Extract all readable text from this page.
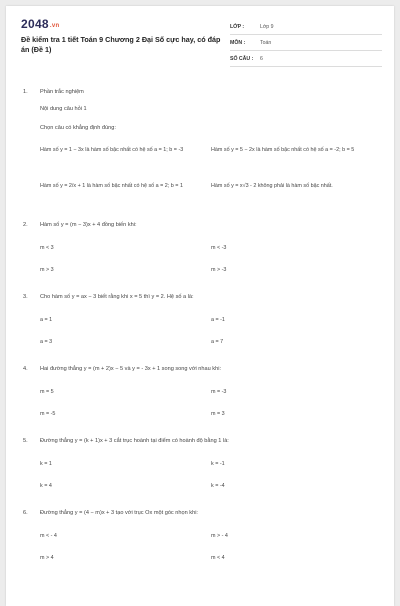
2048.vn
Đề kiểm tra 1 tiết Toán 9 Chương 2 Đại Số cực hay, có đáp án (Đề 1)
LỚP :	Lớp 9
MÔN :	Toán
SỐ CÂU :	6
1. Phần trắc nghiệm
Nội dung câu hỏi 1
Chọn câu có khẳng định đúng:
Hàm số y = 1 − 3x là hàm số bậc nhất có hệ số a = 1; b = -3	Hàm số y = 5 − 2x là hàm số bậc nhất có hệ số a = -2; b = 5
Hàm số y = 2/x + 1 là hàm số bậc nhất có hệ số a = 2; b = 1	Hàm số y = x√3 - 2 không phải là hàm số bậc nhất.
2. Hàm số y = (m − 3)x + 4 đồng biến khi:
m < 3	m < -3
m > 3	m > -3
3. Cho hàm số y = ax − 3 biết rằng khi x = 5 thì y = 2. Hệ số a là:
a = 1	a = -1
a = 3	a = 7
4. Hai đường thẳng y = (m + 2)x − 5 và y = - 3x + 1 song song với nhau khi:
m = 5	m = -3
m = -5	m = 3
5. Đường thẳng y = (k + 1)x + 3 cắt trục hoành tại điểm có hoành độ bằng 1 là:
k = 1	k = -1
k = 4	k = -4
6. Đường thẳng y = (4 − m)x + 3 tạo với trục Ox một góc nhọn khi:
m < - 4	m > - 4
m > 4	m < 4
